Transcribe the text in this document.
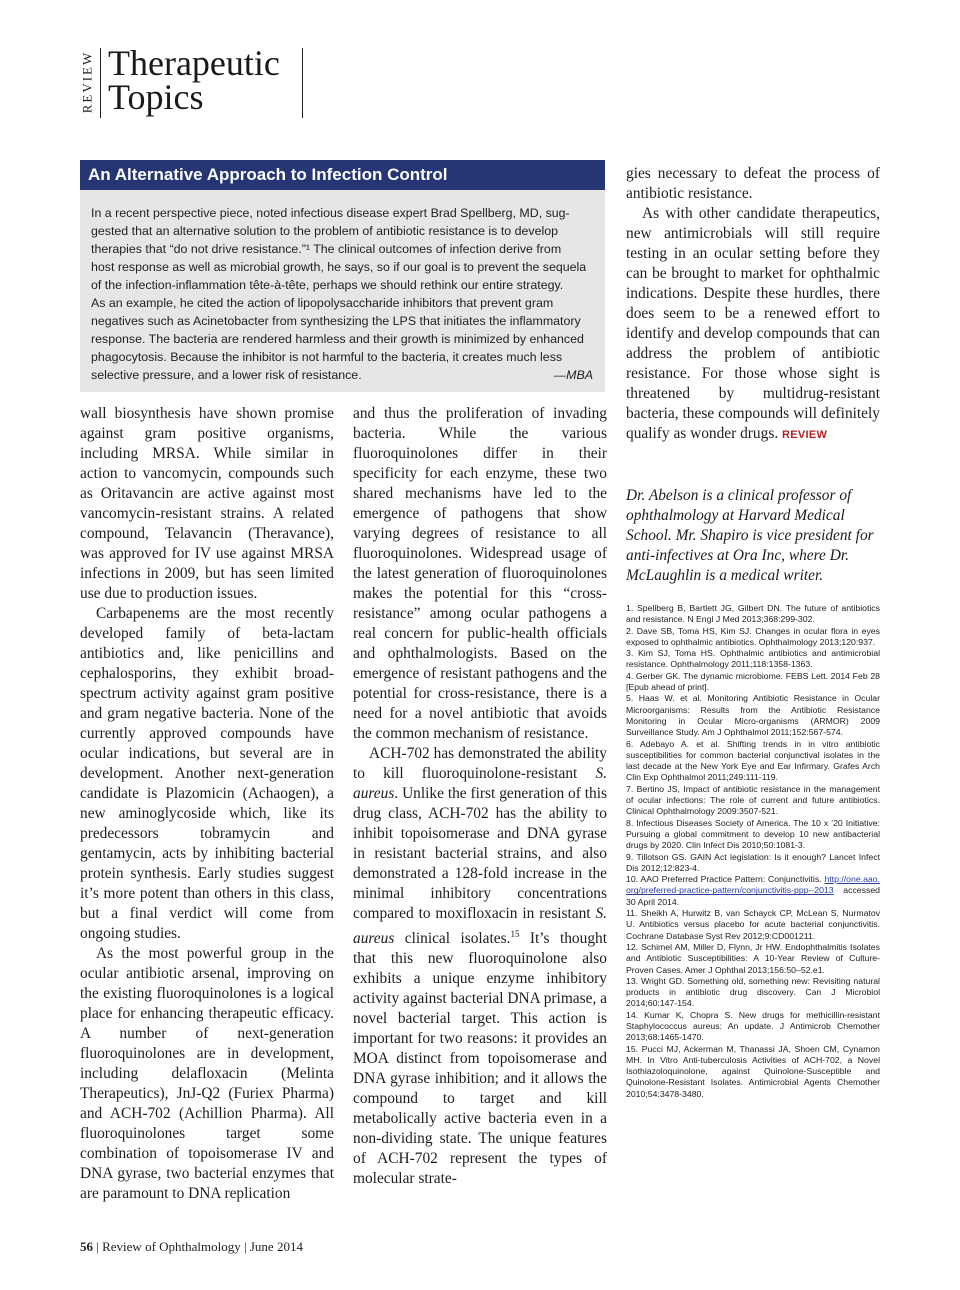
REVIEW Therapeutic
Topics
An Alternative Approach to Infection Control

In a recent perspective piece, noted infectious disease expert Brad Spellberg, MD, sug-

gested that an alternative solution to the problem of antibiotic resistance is to develop

therapies that “do not drive resistance.”¹ The clinical outcomes of infection derive from

host response as well as microbial growth, he says, so if our goal is to prevent the sequela

of the infection-inflammation tête-à-tête, perhaps we should rethink our entire strategy.

As an example, he cited the action of lipopolysaccharide inhibitors that prevent gram

negatives such as Acinetobacter from synthesizing the LPS that initiates the inflammatory

response. The bacteria are rendered harmless and their growth is minimized by enhanced

phagocytosis. Because the inhibitor is not harmful to the bacteria, it creates much less

selective pressure, and a lower risk of resistance.	—MBA

wall biosynthesis have shown promise against gram positive organisms, including MRSA. While similar in action to vancomycin, compounds such as Oritavancin are active against most vancomycin-resistant strains. A related compound, Telavancin (Theravance), was approved for IV use against MRSA infections in 2009, but has seen limited use due to production issues.

Carbapenems are the most recently developed family of beta-lactam antibiotics and, like penicillins and cephalosporins, they exhibit broad-spectrum activity against gram positive and gram negative bacteria. None of the currently approved compounds have ocular indications, but several are in development. Another next-generation candidate is Plazomicin (Achaogen), a new aminoglycoside which, like its predecessors tobramycin and gentamycin, acts by inhibiting bacterial protein synthesis. Early studies suggest it’s more potent than others in this class, but a final verdict will come from ongoing studies.

As the most powerful group in the ocular antibiotic arsenal, improving on the existing fluoroquinolones is a logical place for enhancing therapeutic efficacy. A number of next-generation fluoroquinolones are in development, including delafloxacin (Melinta Therapeutics), JnJ-Q2 (Furiex Pharma) and ACH-702 (Achillion Pharma). All fluoroquinolones target some combination of topoisomerase IV and DNA gyrase, two bacterial enzymes that are paramount to DNA replication

and thus the proliferation of invading bacteria. While the various fluoroquinolones differ in their specificity for each enzyme, these two shared mechanisms have led to the emergence of pathogens that show varying degrees of resistance to all fluoroquinolones. Widespread usage of the latest generation of fluoroquinolones makes the potential for this “cross-resistance” among ocular pathogens a real concern for public-health officials and ophthalmologists. Based on the emergence of resistant pathogens and the potential for cross-resistance, there is a need for a novel antibiotic that avoids the common mechanism of resistance.

ACH-702 has demonstrated the ability to kill fluoroquinolone-resistant S. aureus. Unlike the first generation of this drug class, ACH-702 has the ability to inhibit topoisomerase and DNA gyrase in resistant bacterial strains, and also demonstrated a 128-fold increase in the minimal inhibitory concentrations compared to moxifloxacin in resistant S. aureus clinical isolates.$^{15}$ It’s thought that this new fluoroquinolone also exhibits a unique enzyme inhibitory activity against bacterial DNA primase, a novel bacterial target. This action is important for two reasons: it provides an MOA distinct from topoisomerase and DNA gyrase inhibition; and it allows the compound to target and kill metabolically active bacteria even in a non-dividing state. The unique features of ACH-702 represent the types of molecular strate-

gies necessary to defeat the process of antibiotic resistance.

As with other candidate therapeutics, new antimicrobials will still require testing in an ocular setting before they can be brought to market for ophthalmic indications. Despite these hurdles, there does seem to be a renewed effort to identify and develop compounds that can address the problem of antibiotic resistance. For those whose sight is threatened by multidrug-resistant bacteria, these compounds will definitely qualify as wonder drugs. REVIEW

Dr. Abelson is a clinical professor of ophthalmology at Harvard Medical School. Mr. Shapiro is vice president for anti-infectives at Ora Inc, where Dr. McLaughlin is a medical writer.
1. Spellberg B, Bartlett JG, Gilbert DN. The future of antibiotics and resistance. N Engl J Med 2013;368:299-302.
2. Dave SB, Toma HS, Kim SJ. Changes in ocular flora in eyes exposed to ophthalmic antibiotics. Ophthalmology 2013;120:937.
3. Kim SJ, Toma HS. Ophthalmic antibiotics and antimicrobial resistance. Ophthalmology 2011;118:1358-1363.
4. Gerber GK. The dynamic microbiome. FEBS Lett. 2014 Feb 28 [Epub ahead of print].
5. Haas W. et al. Monitoring Antibiotic Resistance in Ocular Microorganisms: Results from the Antibiotic Resistance Monitoring in Ocular Micro-organisms (ARMOR) 2009 Surveillance Study. Am J Ophthalmol 2011;152:567-574.
6. Adebayo A. et al. Shifting trends in in vitro antibiotic susceptibilities for common bacterial conjunctival isolates in the last decade at the New York Eye and Ear Infirmary. Grafes Arch Clin Exp Ophthalmol 2011;249:111-119.
7. Bertino JS, Impact of antibiotic resistance in the management of ocular infections: The role of current and future antibiotics. Clinical Ophthalmology 2009:3507-521.
8. Infectious Diseases Society of America. The 10 x ’20 Initiative: Pursuing a global commitment to develop 10 new antibacterial drugs by 2020. Clin Infect Dis 2010;50:1081-3.
9. Tillotson GS. GAIN Act legislation: Is it enough? Lancet Infect Dis 2012;12:823-4.
10. AAO Preferred Practice Pattern: Conjunctivitis. http://one.aao.org/preferred-practice-pattern/conjunctivitis-ppp--2013 accessed 30 April 2014.
11. Sheikh A, Hurwitz B, van Schayck CP, McLean S, Nurmatov U. Antibiotics versus placebo for acute bacterial conjunctivitis. Cochrane Database Syst Rev 2012;9:CD001211.
12. Schimel AM, Miller D, Flynn, Jr HW. Endophthalmitis Isolates and Antibiotic Susceptibilities: A 10-Year Review of Culture-Proven Cases. Amer J Ophthal 2013;156:50–52.e1.
13. Wright GD. Something old, something new: Revisiting natural products in antibiotic drug discovery. Can J Microbiol 2014;60:147-154.
14. Kumar K, Chopra S. New drugs for methicillin-resistant Staphylococcus aureus: An update. J Antimicrob Chemother 2013;68:1465-1470.
15. Pucci MJ, Ackerman M, Thanassi JA, Shoen CM, Cynamon MH. In Vitro Anti-tuberculosis Activities of ACH-702, a Novel Isothiazoloquinolone, against Quinolone-Susceptible and Quinolone-Resistant Isolates. Antimicrobial Agents Chemother 2010;54:3478-3480.
56 | Review of Ophthalmology | June 2014
